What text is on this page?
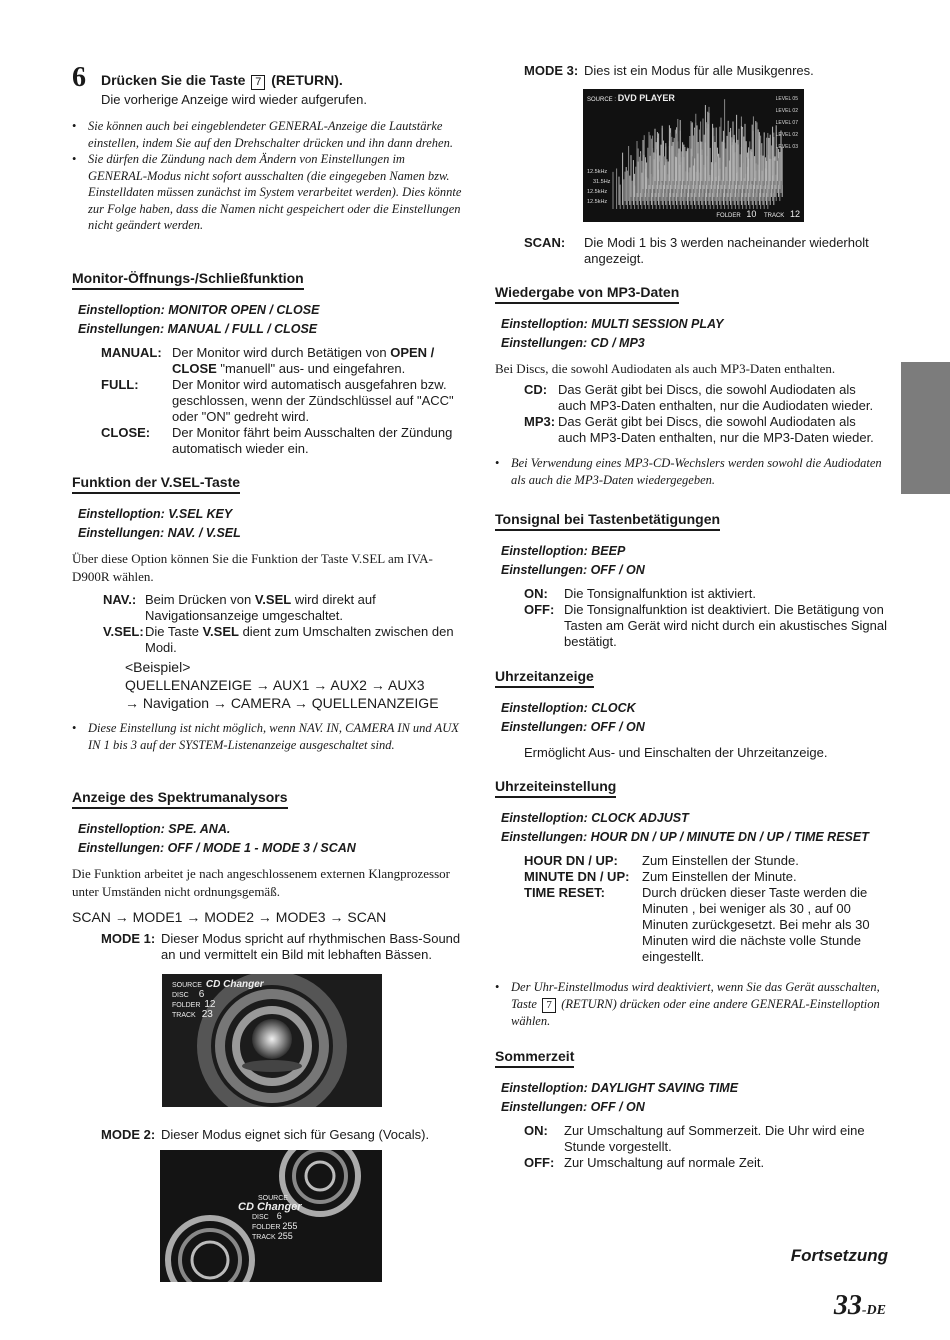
6 Drücken Sie die Taste 7 (RETURN).
Die vorherige Anzeige wird wieder aufgerufen.
• Sie können auch bei eingeblendeter GENERAL-Anzeige die Lautstärke einstellen, indem Sie auf den Drehschalter drücken und ihn dann drehen.
• Sie dürfen die Zündung nach dem Ändern von Einstellungen im GENERAL-Modus nicht sofort ausschalten (die eingegeben Namen bzw. Einstelldaten müssen zunächst im System verarbeitet werden). Dies könnte zur Folge haben, dass die Namen nicht gespeichert oder die Einstellungen nicht geändert werden.
Monitor-Öffnungs-/Schließfunktion
Einstelloption: MONITOR OPEN / CLOSE
Einstellungen: MANUAL / FULL / CLOSE
MANUAL: Der Monitor wird durch Betätigen von OPEN / CLOSE "manuell" aus- und eingefahren.
FULL:	Der Monitor wird automatisch ausgefahren bzw. geschlossen, wenn der Zündschlüssel auf "ACC" oder "ON" gedreht wird.
CLOSE:	Der Monitor fährt beim Ausschalten der Zündung automatisch wieder ein.
Funktion der V.SEL-Taste
Einstelloption: V.SEL KEY
Einstellungen: NAV. / V.SEL
Über diese Option können Sie die Funktion der Taste V.SEL am IVA-D900R wählen.
NAV.: Beim Drücken von V.SEL wird direkt auf Navigationsanzeige umgeschaltet.
V.SEL: Die Taste V.SEL dient zum Umschalten zwischen den Modi.
<Beispiel>
QUELLENANZEIGE → AUX1 → AUX2 → AUX3
→ Navigation → CAMERA → QUELLENANZEIGE
• Diese Einstellung ist nicht möglich, wenn NAV. IN, CAMERA IN und AUX IN 1 bis 3 auf der SYSTEM-Listenanzeige ausgeschaltet sind.
Anzeige des Spektrumanalysors
Einstelloption: SPE. ANA.
Einstellungen: OFF / MODE 1 - MODE 3 / SCAN
Die Funktion arbeitet je nach angeschlossenem externen Klangprozessor unter Umständen nicht ordnungsgemäß.
SCAN → MODE1 → MODE2 → MODE3 → SCAN
MODE 1: Dieser Modus spricht auf rhythmischen Bass-Sound an und vermittelt ein Bild mit lebhaften Bässen.
SOURCE CD Changer
DISC 6
FOLDER 12
TRACK 23
MODE 2: Dieser Modus eignet sich für Gesang (Vocals).
SOURCE
CD Changer
DISC 6
FOLDER 255
TRACK 255
MODE 3: Dies ist ein Modus für alle Musikgenres.
SOURCE : DVD PLAYER	LEVEL 05
LEVEL 02
LEVEL 07
LEVEL 02
LEVEL 03
12.5kHz
31.5Hz
12.5kHz
12.5kHz
FOLDER 10 TRACK 12
SCAN:	Die Modi 1 bis 3 werden nacheinander wiederholt angezeigt.
Wiedergabe von MP3-Daten
Einstelloption: MULTI SESSION PLAY
Einstellungen: CD / MP3
Bei Discs, die sowohl Audiodaten als auch MP3-Daten enthalten.
CD: Das Gerät gibt bei Discs, die sowohl Audiodaten als auch MP3-Daten enthalten, nur die Audiodaten wieder.
MP3: Das Gerät gibt bei Discs, die sowohl Audiodaten als auch MP3-Daten enthalten, nur die MP3-Daten wieder.
• Bei Verwendung eines MP3-CD-Wechslers werden sowohl die Audiodaten als auch die MP3-Daten wiedergegeben.
Tonsignal bei Tastenbetätigungen
Einstelloption: BEEP
Einstellungen: OFF / ON
ON:	Die Tonsignalfunktion ist aktiviert.
OFF: Die Tonsignalfunktion ist deaktiviert. Die Betätigung von Tasten am Gerät wird nicht durch ein akustisches Signal bestätigt.
Uhrzeitanzeige
Einstelloption: CLOCK
Einstellungen: OFF / ON
Ermöglicht Aus- und Einschalten der Uhrzeitanzeige.
Uhrzeiteinstellung
Einstelloption: CLOCK ADJUST
Einstellungen: HOUR DN / UP / MINUTE DN / UP / TIME RESET
HOUR DN / UP:	Zum Einstellen der Stunde.
MINUTE DN / UP: Zum Einstellen der Minute.
TIME RESET:	Durch drücken dieser Taste werden die Minuten , bei weniger als 30 , auf 00 Minuten zurückgesetzt. Bei mehr als 30 Minuten wird die nächste volle Stunde eingestellt.
• Der Uhr-Einstellmodus wird deaktiviert, wenn Sie das Gerät ausschalten, Taste 7 (RETURN) drücken oder eine andere GENERAL-Einstelloption wählen.
Sommerzeit
Einstelloption: DAYLIGHT SAVING TIME
Einstellungen: OFF / ON
ON:	Zur Umschaltung auf Sommerzeit. Die Uhr wird eine Stunde vorgestellt.
OFF: Zur Umschaltung auf normale Zeit.
Fortsetzung
33-DE
